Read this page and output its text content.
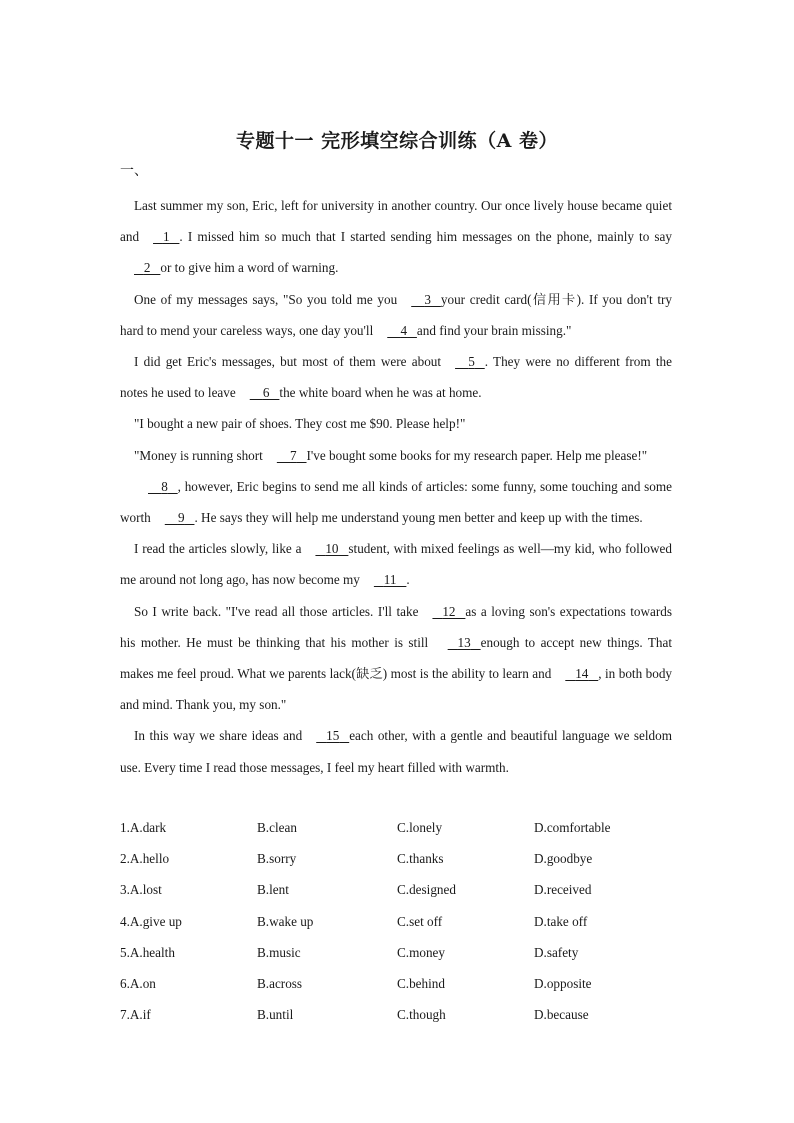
专题十一 完形填空综合训练（A 卷）
一、

Last summer my son, Eric, left for university in another country. Our once lively house became quiet and 1 . I missed him so much that I started sending him messages on the phone, mainly to say   2 or to give him a word of warning.

One of my messages says, "So you told me you 3 your credit card(信用卡). If you don't try hard to mend your careless ways, one day you'll 4 and find your brain missing."

I did get Eric's messages, but most of them were about 5 . They were no different from the notes he used to leave 6 the white board when he was at home.

"I bought a new pair of shoes. They cost me $90. Please help!"

"Money is running short 7 I've bought some books for my research paper. Help me please!"

8 , however, Eric begins to send me all kinds of articles: some funny, some touching and some worth 9 . He says they will help me understand young men better and keep up with the times.

I read the articles slowly, like a 10 student, with mixed feelings as well—my kid, who followed me around not long ago, has now become my 11 .

So I write back. "I've read all those articles. I'll take 12 as a loving son's expectations towards his mother. He must be thinking that his mother is still    13 enough to accept new things. That makes me feel proud. What we parents lack(缺乏) most is the ability to learn and 14 , in both body and mind. Thank you, my son."

In this way we share ideas and 15 each other, with a gentle and beautiful language we seldom use. Every time I read those messages, I feel my heart filled with warmth.

1.A.dark	B.clean	C.lonely	D.comfortable
2.A.hello	B.sorry	C.thanks	D.goodbye
3.A.lost	B.lent	C.designed	D.received
4.A.give up	B.wake up	C.set off	D.take off
5.A.health	B.music	C.money	D.safety
6.A.on	B.across	C.behind	D.opposite
7.A.if	B.until	C.though	D.because
